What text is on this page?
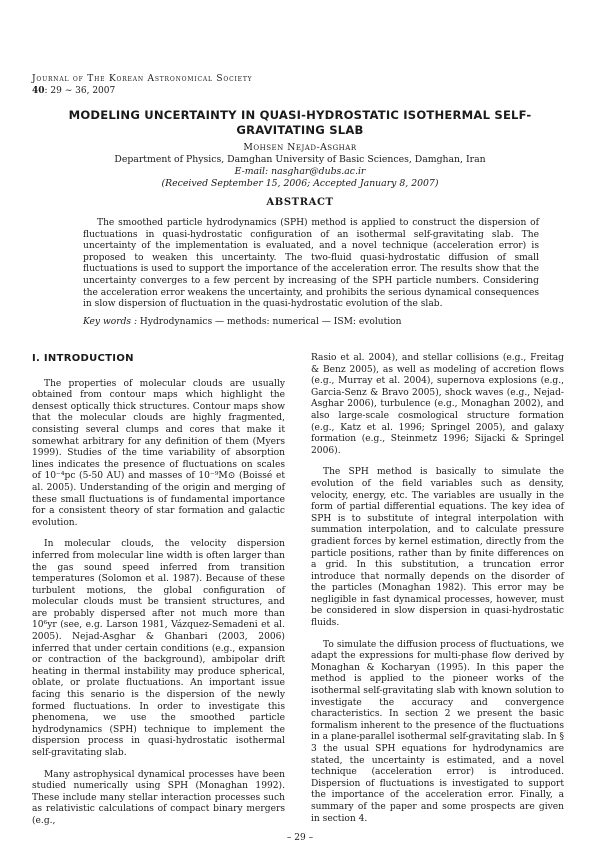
Journal of The Korean Astronomical Society
40: 29 ∼ 36, 2007
MODELING UNCERTAINTY IN QUASI-HYDROSTATIC ISOTHERMAL SELF-GRAVITATING SLAB
Mohsen Nejad-Asghar
Department of Physics, Damghan University of Basic Sciences, Damghan, Iran
E-mail: nasghar@dubs.ac.ir
(Received September 15, 2006; Accepted January 8, 2007)
ABSTRACT

The smoothed particle hydrodynamics (SPH) method is applied to construct the dispersion of fluctuations in quasi-hydrostatic configuration of an isothermal self-gravitating slab. The uncertainty of the implementation is evaluated, and a novel technique (acceleration error) is proposed to weaken this uncertainty. The two-fluid quasi-hydrostatic diffusion of small fluctuations is used to support the importance of the acceleration error. The results show that the uncertainty converges to a few percent by increasing of the SPH particle numbers. Considering the acceleration error weakens the uncertainty, and prohibits the serious dynamical consequences in slow dispersion of fluctuation in the quasi-hydrostatic evolution of the slab.

Key words : Hydrodynamics — methods: numerical — ISM: evolution
I. INTRODUCTION

The properties of molecular clouds are usually obtained from contour maps which highlight the densest optically thick structures. Contour maps show that the molecular clouds are highly fragmented, consisting several clumps and cores that make it somewhat arbitrary for any definition of them (Myers 1999). Studies of the time variability of absorption lines indicates the presence of fluctuations on scales of 10⁻⁴pc (5-50 AU) and masses of 10⁻⁹M⊙ (Boissé et al. 2005). Understanding of the origin and merging of these small fluctuations is of fundamental importance for a consistent theory of star formation and galactic evolution.

In molecular clouds, the velocity dispersion inferred from molecular line width is often larger than the gas sound speed inferred from transition temperatures (Solomon et al. 1987). Because of these turbulent motions, the global configuration of molecular clouds must be transient structures, and are probably dispersed after not much more than 10⁶yr (see, e.g. Larson 1981, Vázquez-Semadeni et al. 2005). Nejad-Asghar & Ghanbari (2003, 2006) inferred that under certain conditions (e.g., expansion or contraction of the background), ambipolar drift heating in thermal instability may produce spherical, oblate, or prolate fluctuations. An important issue facing this senario is the dispersion of the newly formed fluctuations. In order to investigate this phenomena, we use the smoothed particle hydrodynamics (SPH) technique to implement the dispersion process in quasi-hydrostatic isothermal self-gravitating slab.

Many astrophysical dynamical processes have been studied numerically using SPH (Monaghan 1992). These include many stellar interaction processes such as relativistic calculations of compact binary mergers (e.g.,

Rasio et al. 2004), and stellar collisions (e.g., Freitag & Benz 2005), as well as modeling of accretion flows (e.g., Murray et al. 2004), supernova explosions (e.g., Garcia-Senz & Bravo 2005), shock waves (e.g., Nejad-Asghar 2006), turbulence (e.g., Monaghan 2002), and also large-scale cosmological structure formation (e.g., Katz et al. 1996; Springel 2005), and galaxy formation (e.g., Steinmetz 1996; Sijacki & Springel 2006).

The SPH method is basically to simulate the evolution of the field variables such as density, velocity, energy, etc. The variables are usually in the form of partial differential equations. The key idea of SPH is to substitute of integral interpolation with summation interpolation, and to calculate pressure gradient forces by kernel estimation, directly from the particle positions, rather than by finite differences on a grid. In this substitution, a truncation error introduce that normally depends on the disorder of the particles (Monaghan 1982). This error may be negligible in fast dynamical processes, however, must be considered in slow dispersion in quasi-hydrostatic fluids.

To simulate the diffusion process of fluctuations, we adapt the expressions for multi-phase flow derived by Monaghan & Kocharyan (1995). In this paper the method is applied to the pioneer works of the isothermal self-gravitating slab with known solution to investigate the accuracy and convergence characteristics. In section 2 we present the basic formalism inherent to the presence of the fluctuations in a plane-parallel isothermal self-gravitating slab. In § 3 the usual SPH equations for hydrodynamics are stated, the uncertainty is estimated, and a novel technique (acceleration error) is introduced. Dispersion of fluctuations is investigated to support the importance of the acceleration error. Finally, a summary of the paper and some prospects are given in section 4.

– 29 –
